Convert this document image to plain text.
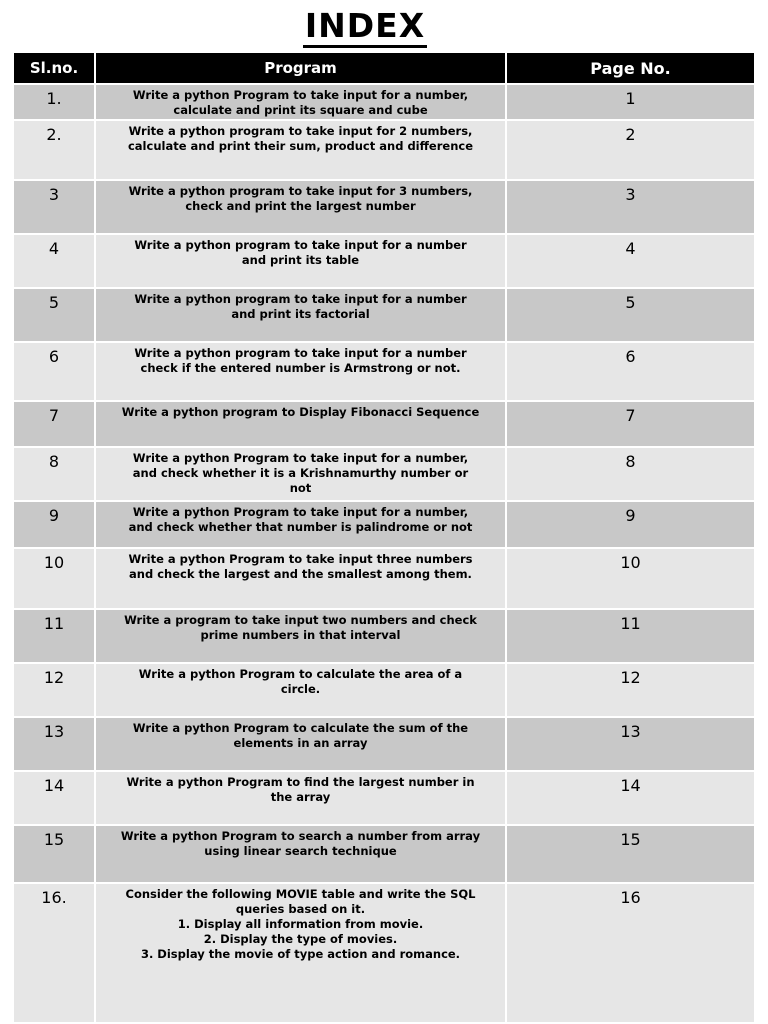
INDEX
Sl.no.	Program	Page No.
1.	Write a python Program to take input for a number,
calculate and print its square and cube	1
2.	Write a python program to take input for 2 numbers,
calculate and print their sum, product and difference	2
3	Write a python program to take input for 3 numbers,
check and print the largest number	3
4	Write a python program to take input for a number
and print its table	4
5	Write a python program to take input for a number
and print its factorial	5
6	Write a python program to take input for a number
check if the entered number is Armstrong or not.	6
7	Write a python program to Display Fibonacci Sequence	7
8	Write a python Program to take input for a number,
and check whether it is a Krishnamurthy number or
not	8
9	Write a python Program to take input for a number,
and check whether that number is palindrome or not	9
10	Write a python Program to take input three numbers
and check the largest and the smallest among them.	10
11	Write a program to take input two numbers and check
prime numbers in that interval	11
12	Write a python Program to calculate the area of a
circle.	12
13	Write a python Program to calculate the sum of the
elements in an array	13
14	Write a python Program to find the largest number in
the array	14
15	Write a python Program to search a number from array
using linear search technique	15
16.	Consider the following MOVIE table and write the SQL
queries based on it.
1. Display all information from movie.
2. Display the type of movies.
3. Display the movie of type action and romance.	16
